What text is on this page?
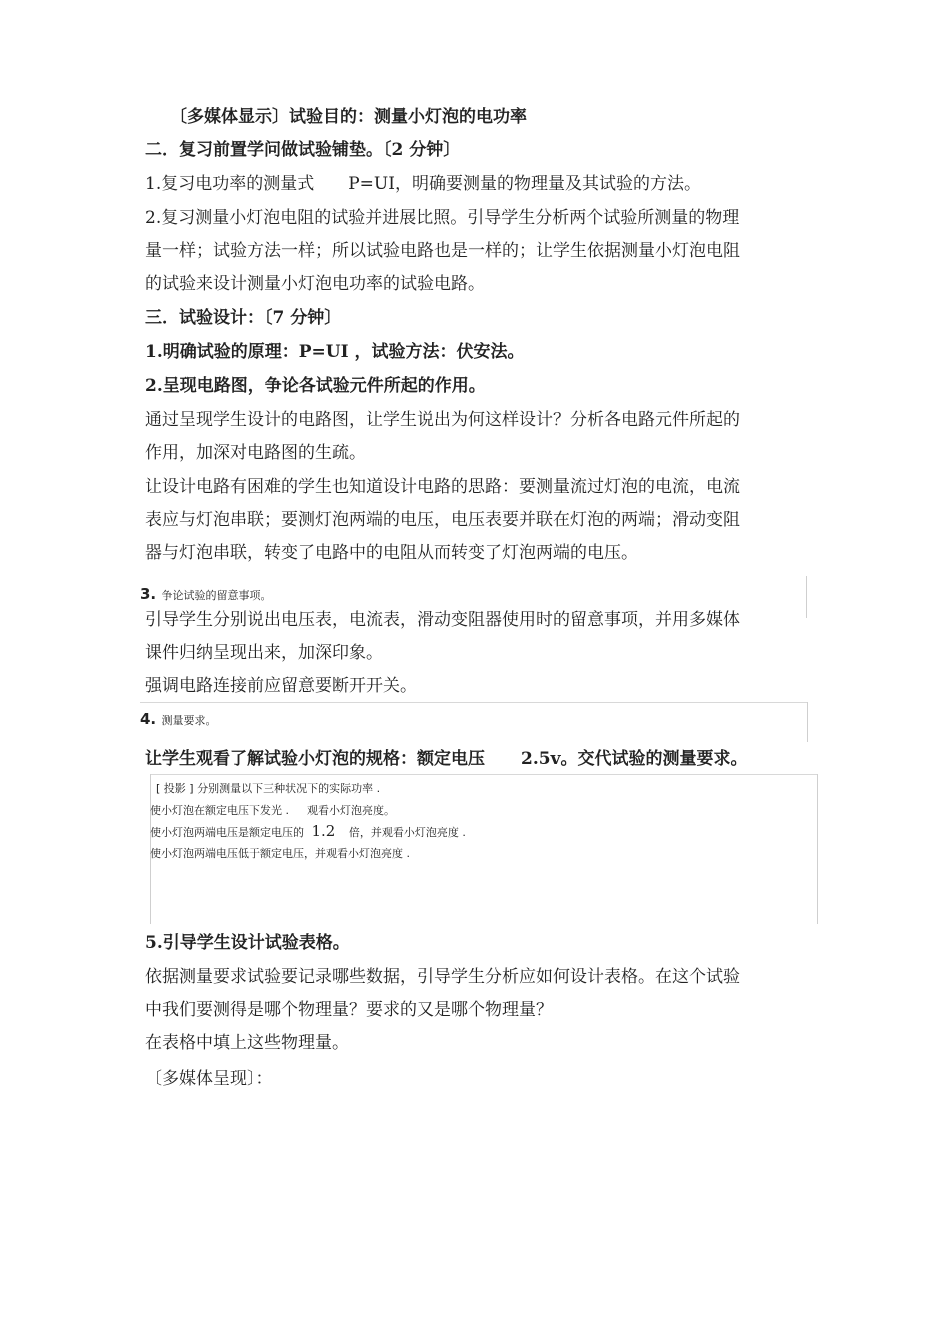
〔多媒体显示〕试验目的：测量小灯泡的电功率
二．复习前置学问做试验铺垫。〔2 分钟〕
1.复习电功率的测量式 P=UI，明确要测量的物理量及其试验的方法。
2.复习测量小灯泡电阻的试验并进展比照。引导学生分析两个试验所测量的物理
量一样；试验方法一样；所以试验电路也是一样的；让学生依据测量小灯泡电阻
的试验来设计测量小灯泡电功率的试验电路。
三．试验设计：〔7 分钟〕
1.明确试验的原理：P=UI ，试验方法：伏安法。
2.呈现电路图，争论各试验元件所起的作用。
通过呈现学生设计的电路图，让学生说出为何这样设计？分析各电路元件所起的
作用，加深对电路图的生疏。
让设计电路有困难的学生也知道设计电路的思路：要测量流过灯泡的电流，电流
表应与灯泡串联；要测灯泡两端的电压，电压表要并联在灯泡的两端；滑动变阻
器与灯泡串联，转变了电路中的电阻从而转变了灯泡两端的电压。
3. 争论试验的留意事项。
引导学生分别说出电压表，电流表，滑动变阻器使用时的留意事项，并用多媒体
课件归纳呈现出来，加深印象。
强调电路连接前应留意要断开开关。
4. 测量要求。
让学生观看了解试验小灯泡的规格：额定电压 2.5v。交代试验的测量要求。
[ 投影 ] 分别测量以下三种状况下的实际功率 .
使小灯泡在额定电压下发光 . 观看小灯泡亮度。
使小灯泡两端电压是额定电压的 1.2 倍，并观看小灯泡亮度 .
使小灯泡两端电压低于额定电压，并观看小灯泡亮度 .
5.引导学生设计试验表格。
依据测量要求试验要记录哪些数据，引导学生分析应如何设计表格。在这个试验
中我们要测得是哪个物理量？要求的又是哪个物理量？
在表格中填上这些物理量。
〔多媒体呈现〕：
